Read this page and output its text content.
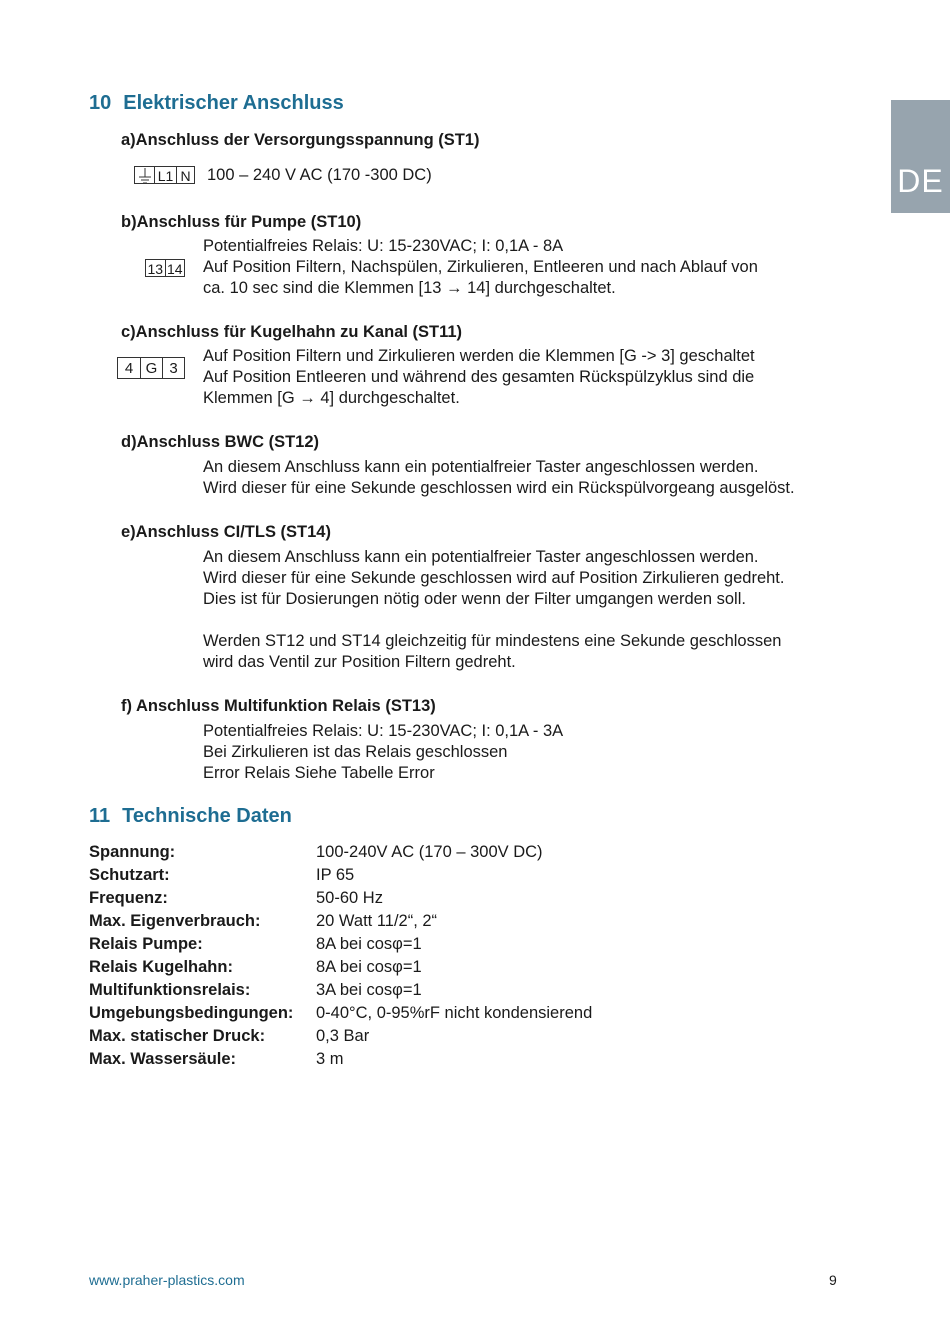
DE
10 Elektrischer Anschluss

a)Anschluss der Versorgungsspannung (ST1)

L1 N 100 – 240 V AC (170 -300 DC)

b)Anschluss für Pumpe (ST10)

13 14
Potentialfreies Relais: U: 15-230VAC; I: 0,1A - 8A
Auf Position Filtern, Nachspülen, Zirkulieren, Entleeren und nach Ablauf von
ca. 10 sec sind die Klemmen [13 → 14] durchgeschaltet.

c)Anschluss für Kugelhahn zu Kanal (ST11)

4 G 3
Auf Position Filtern und Zirkulieren werden die Klemmen [G -> 3] geschaltet
Auf Position Entleeren und während des gesamten Rückspülzyklus sind die
Klemmen [G → 4] durchgeschaltet.

d)Anschluss BWC (ST12)

An diesem Anschluss kann ein potentialfreier Taster angeschlossen werden.
Wird dieser für eine Sekunde geschlossen wird ein Rückspülvorgeang ausgelöst.

e)Anschluss CI/TLS (ST14)

An diesem Anschluss kann ein potentialfreier Taster angeschlossen werden.
Wird dieser für eine Sekunde geschlossen wird auf Position Zirkulieren gedreht.
Dies ist für Dosierungen nötig oder wenn der Filter umgangen werden soll.
Werden ST12 und ST14 gleichzeitig für mindestens eine Sekunde geschlossen
wird das Ventil zur Position Filtern gedreht.

f) Anschluss Multifunktion Relais (ST13)

Potentialfreies Relais: U: 15-230VAC; I: 0,1A - 3A
Bei Zirkulieren ist das Relais geschlossen
Error Relais Siehe Tabelle Error
11 Technische Daten
Spannung:	100-240V AC (170 – 300V DC)
Schutzart:	IP 65
Frequenz:	50-60 Hz
Max. Eigenverbrauch:	20 Watt 11/2“, 2“
Relais Pumpe:	8A bei cosφ=1
Relais Kugelhahn:	8A bei cosφ=1
Multifunktionsrelais:	3A bei cosφ=1
Umgebungsbedingungen: 0-40°C, 0-95%rF nicht kondensierend
Max. statischer Druck:	0,3 Bar
Max. Wassersäule:	3 m
www.praher-plastics.com	9
